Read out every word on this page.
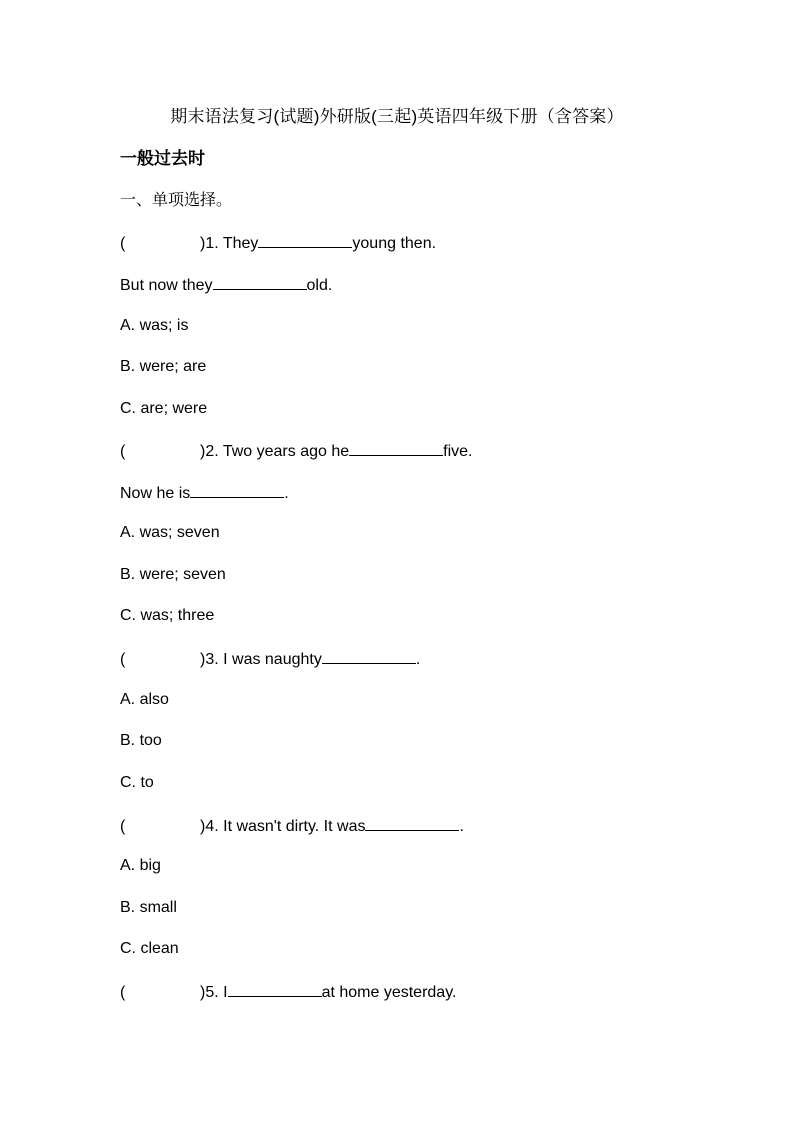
期末语法复习(试题)外研版(三起)英语四年级下册（含答案）
一般过去时
一、单项选择。
(	)1. They	young then.
But now they	old.
A. was; is
B. were; are
C. are; were
(	)2. Two years ago he	five.
Now he is	.
A. was; seven
B. were; seven
C. was; three
(	)3. I was naughty	.
A. also
B. too
C. to
(	)4. It wasn't dirty. It was	.
A. big
B. small
C. clean
(	)5. I	at home yesterday.
